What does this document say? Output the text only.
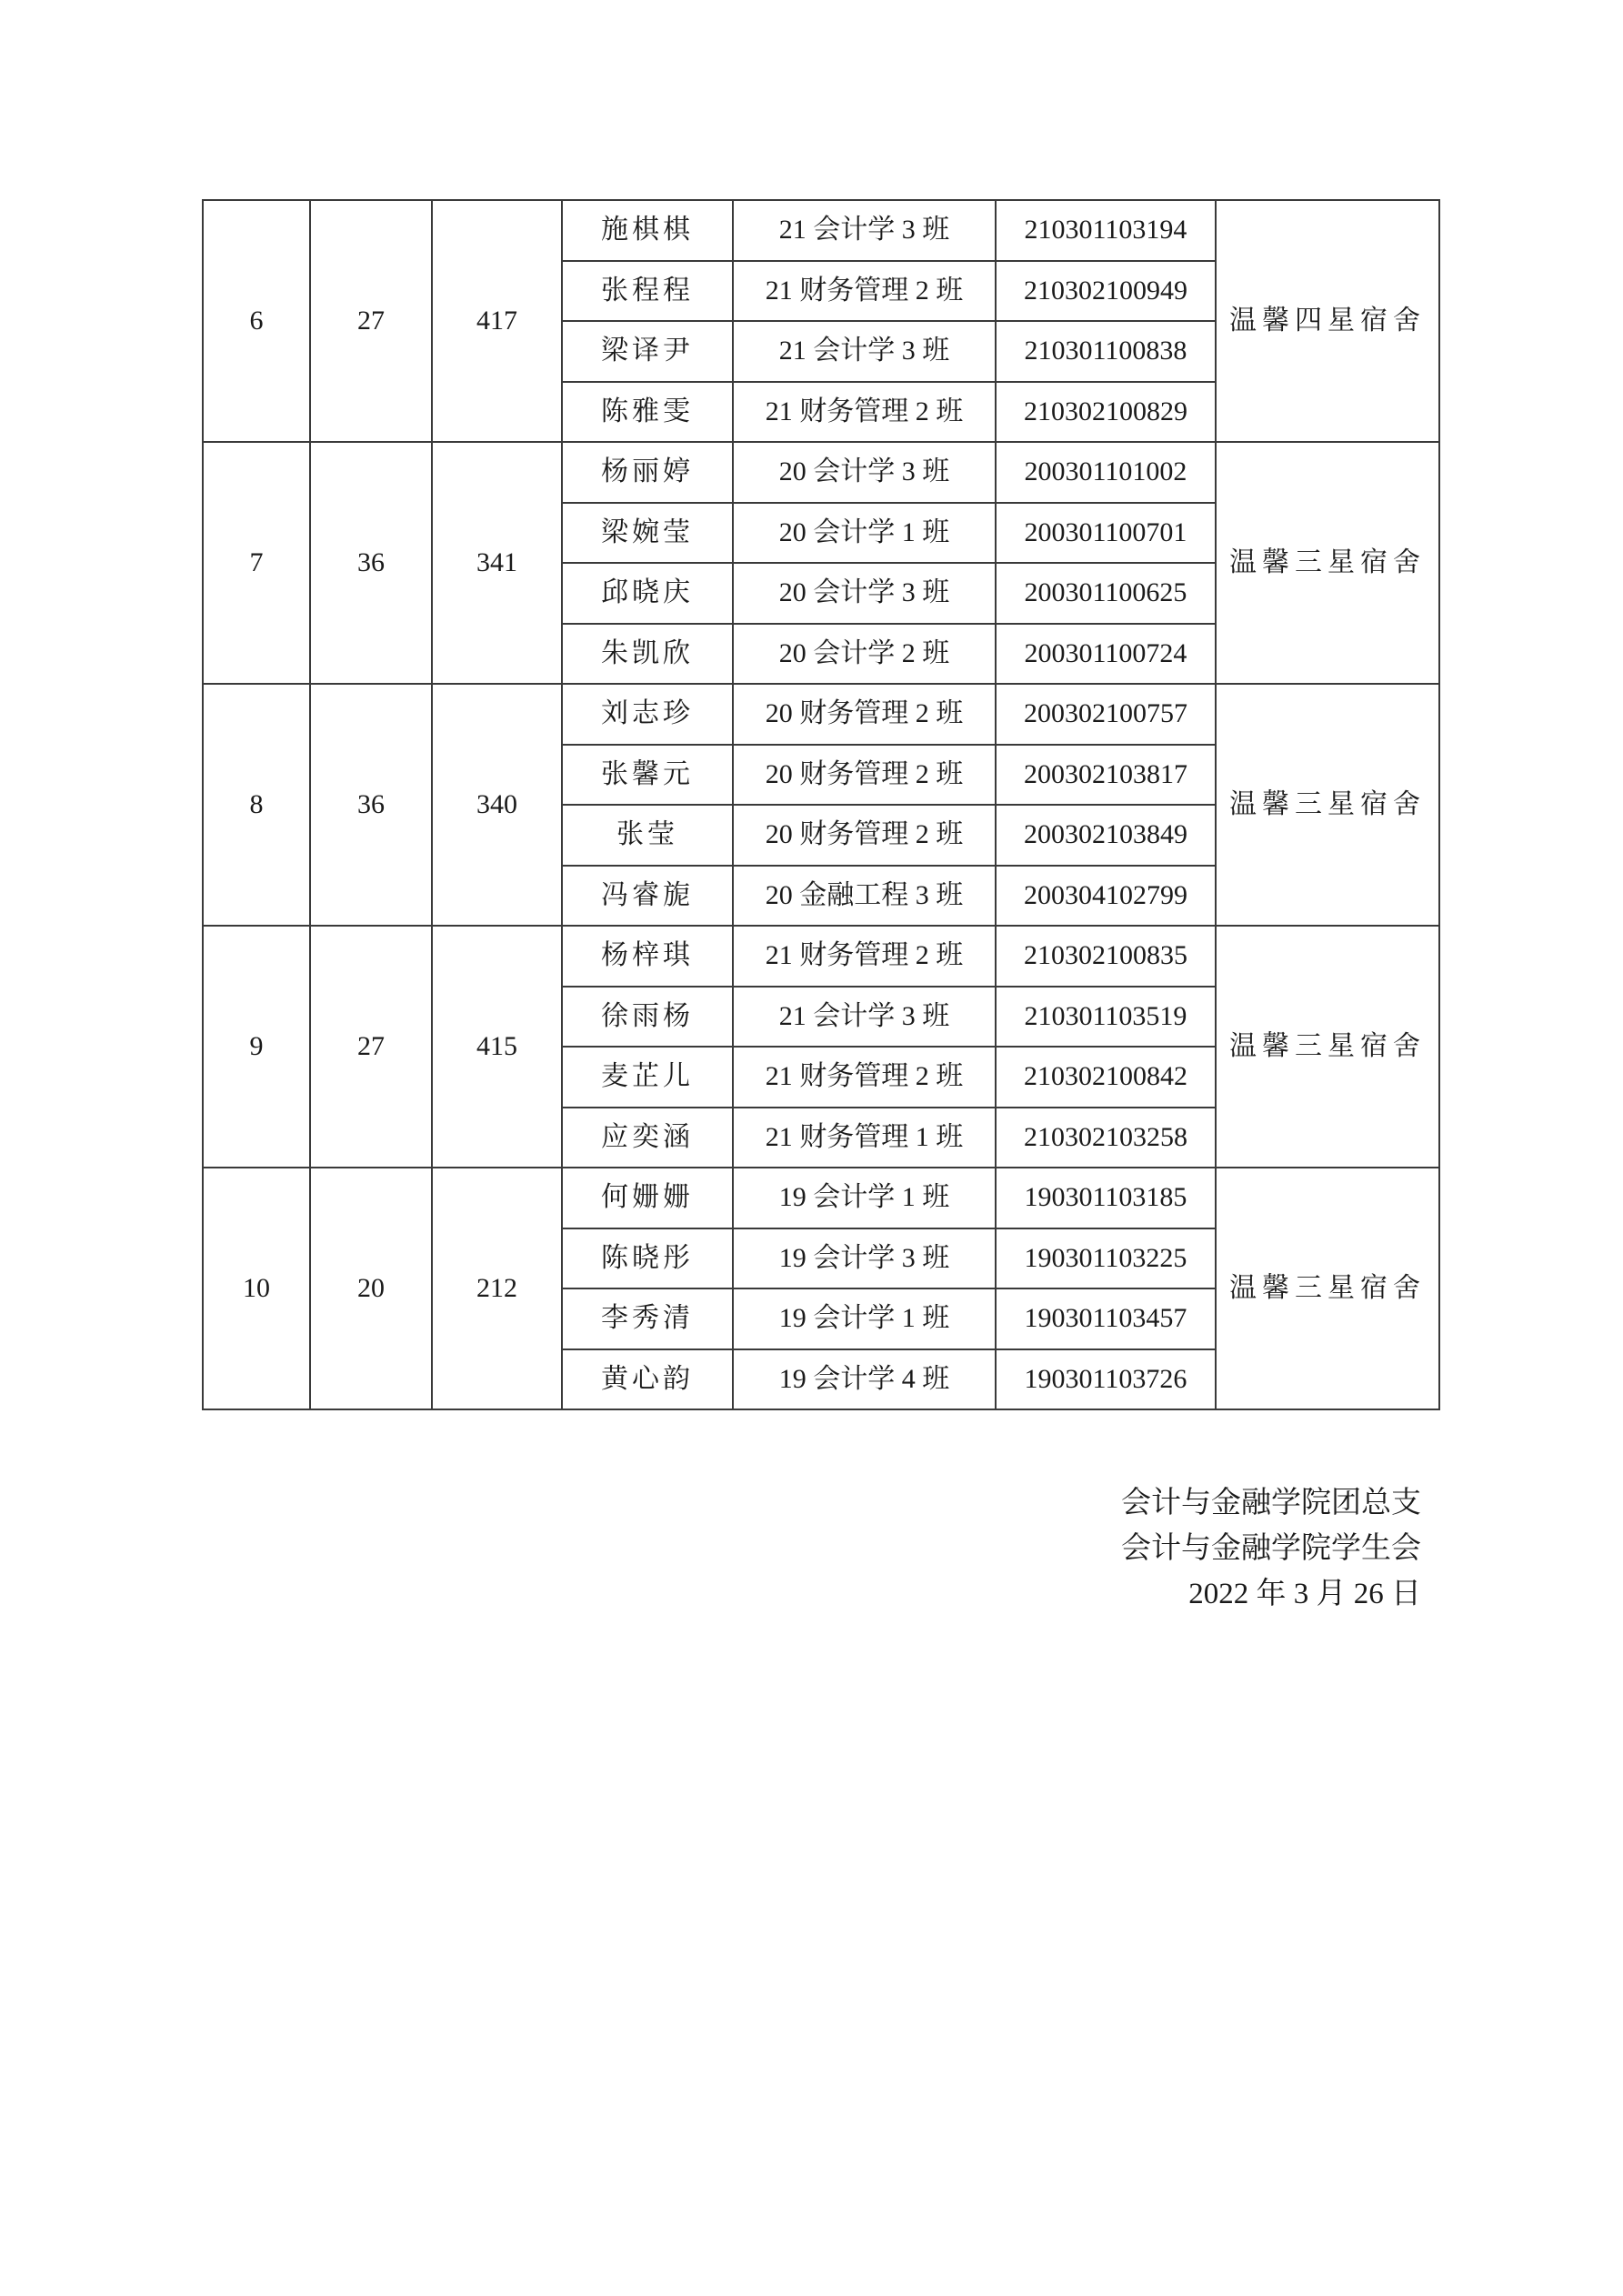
6	27	417	施棋棋	21 会计学 3 班	210301103194	温馨四星宿舍
			张程程	21 财务管理 2 班	210302100949	
			梁译尹	21 会计学 3 班	210301100838	
			陈雅雯	21 财务管理 2 班	210302100829	
7	36	341	杨丽婷	20 会计学 3 班	200301101002	温馨三星宿舍
			梁婉莹	20 会计学 1 班	200301100701	
			邱晓庆	20 会计学 3 班	200301100625	
			朱凯欣	20 会计学 2 班	200301100724	
8	36	340	刘志珍	20 财务管理 2 班	200302100757	温馨三星宿舍
			张馨元	20 财务管理 2 班	200302103817	
			张莹	20 财务管理 2 班	200302103849	
			冯睿旎	20 金融工程 3 班	200304102799	
9	27	415	杨梓琪	21 财务管理 2 班	210302100835	温馨三星宿舍
			徐雨杨	21 会计学 3 班	210301103519	
			麦芷儿	21 财务管理 2 班	210302100842	
			应奕涵	21 财务管理 1 班	210302103258	
10	20	212	何姗姗	19 会计学 1 班	190301103185	温馨三星宿舍
			陈晓彤	19 会计学 3 班	190301103225	
			李秀清	19 会计学 1 班	190301103457	
			黄心韵	19 会计学 4 班	190301103726	
会计与金融学院团总支
会计与金融学院学生会
2022 年 3 月 26 日
